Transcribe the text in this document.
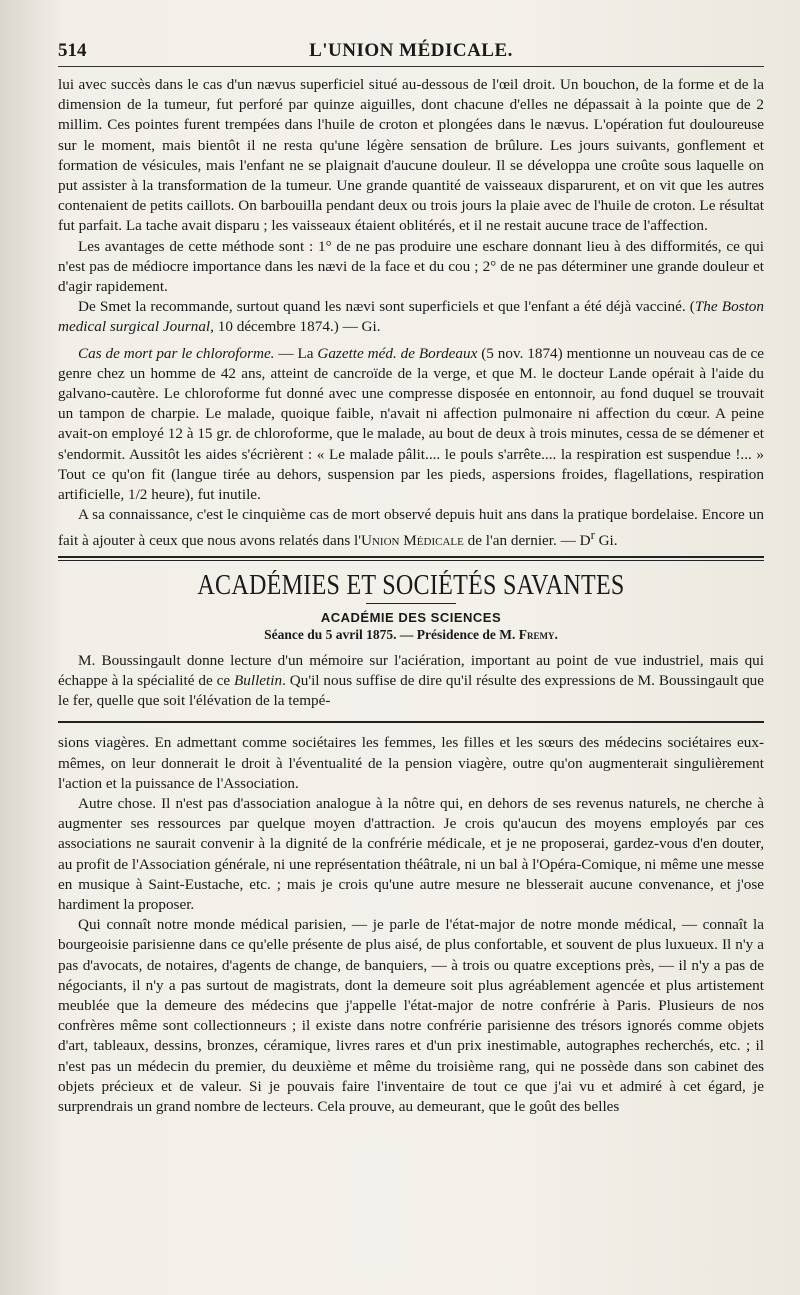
514	L'UNION MÉDICALE.

lui avec succès dans le cas d'un nævus superficiel situé au-dessous de l'œil droit. Un bouchon, de la forme et de la dimension de la tumeur, fut perforé par quinze aiguilles, dont chacune d'elles ne dépassait à la pointe que de 2 millim. Ces pointes furent trempées dans l'huile de croton et plongées dans le nævus. L'opération fut douloureuse sur le moment, mais bientôt il ne resta qu'une légère sensation de brûlure. Les jours suivants, gonflement et formation de vésicules, mais l'enfant ne se plaignait d'aucune douleur. Il se développa une croûte sous laquelle on put assister à la transformation de la tumeur. Une grande quantité de vaisseaux disparurent, et on vit que les autres contenaient de petits caillots. On barbouilla pendant deux ou trois jours la plaie avec de l'huile de croton. Le résultat fut parfait. La tache avait disparu ; les vaisseaux étaient oblitérés, et il ne restait aucune trace de l'affection.

Les avantages de cette méthode sont : 1° de ne pas produire une eschare donnant lieu à des difformités, ce qui n'est pas de médiocre importance dans les nævi de la face et du cou ; 2° de ne pas déterminer une grande douleur et d'agir rapidement.

De Smet la recommande, surtout quand les nævi sont superficiels et que l'enfant a été déjà vacciné. (The Boston medical surgical Journal, 10 décembre 1874.) — Gi.

Cas de mort par le chloroforme. — La Gazette méd. de Bordeaux (5 nov. 1874) mentionne un nouveau cas de ce genre chez un homme de 42 ans, atteint de cancroïde de la verge, et que M. le docteur Lande opérait à l'aide du galvano-cautère. Le chloroforme fut donné avec une compresse disposée en entonnoir, au fond duquel se trouvait un tampon de charpie. Le malade, quoique faible, n'avait ni affection pulmonaire ni affection du cœur. A peine avait-on employé 12 à 15 gr. de chloroforme, que le malade, au bout de deux à trois minutes, cessa de se démener et s'endormit. Aussitôt les aides s'écrièrent : « Le malade pâlit.... le pouls s'arrête.... la respiration est suspendue !... » Tout ce qu'on fit (langue tirée au dehors, suspension par les pieds, aspersions froides, flagellations, respiration artificielle, 1/2 heure), fut inutile.

A sa connaissance, c'est le cinquième cas de mort observé depuis huit ans dans la pratique bordelaise. Encore un fait à ajouter à ceux que nous avons relatés dans l'Union Médicale de l'an dernier. — $D^r$ Gi.

ACADÉMIES ET SOCIÉTÉS SAVANTES
ACADÉMIE DES SCIENCES
Séance du 5 avril 1875. — Présidence de M. Fremy.

M. Boussingault donne lecture d'un mémoire sur l'aciération, important au point de vue industriel, mais qui échappe à la spécialité de ce Bulletin. Qu'il nous suffise de dire qu'il résulte des expressions de M. Boussingault que le fer, quelle que soit l'élévation de la tempé-

sions viagères. En admettant comme sociétaires les femmes, les filles et les sœurs des médecins sociétaires eux-mêmes, on leur donnerait le droit à l'éventualité de la pension viagère, outre qu'on augmenterait singulièrement l'action et la puissance de l'Association.

Autre chose. Il n'est pas d'association analogue à la nôtre qui, en dehors de ses revenus naturels, ne cherche à augmenter ses ressources par quelque moyen d'attraction. Je crois qu'aucun des moyens employés par ces associations ne saurait convenir à la dignité de la confrérie médicale, et je ne proposerai, gardez-vous d'en douter, au profit de l'Association générale, ni une représentation théâtrale, ni un bal à l'Opéra-Comique, ni même une messe en musique à Saint-Eustache, etc. ; mais je crois qu'une autre mesure ne blesserait aucune convenance, et j'ose hardiment la proposer.

Qui connaît notre monde médical parisien, — je parle de l'état-major de notre monde médical, — connaît la bourgeoisie parisienne dans ce qu'elle présente de plus aisé, de plus confortable, et souvent de plus luxueux. Il n'y a pas d'avocats, de notaires, d'agents de change, de banquiers, — à trois ou quatre exceptions près, — il n'y a pas de négociants, il n'y a pas surtout de magistrats, dont la demeure soit plus agréablement agencée et plus artistement meublée que la demeure des médecins que j'appelle l'état-major de notre confrérie à Paris. Plusieurs de nos confrères même sont collectionneurs ; il existe dans notre confrérie parisienne des trésors ignorés comme objets d'art, tableaux, dessins, bronzes, céramique, livres rares et d'un prix inestimable, autographes recherchés, etc. ; il n'est pas un médecin du premier, du deuxième et même du troisième rang, qui ne possède dans son cabinet des objets précieux et de valeur. Si je pouvais faire l'inventaire de tout ce que j'ai vu et admiré à cet égard, je surprendrais un grand nombre de lecteurs. Cela prouve, au demeurant, que le goût des belles
